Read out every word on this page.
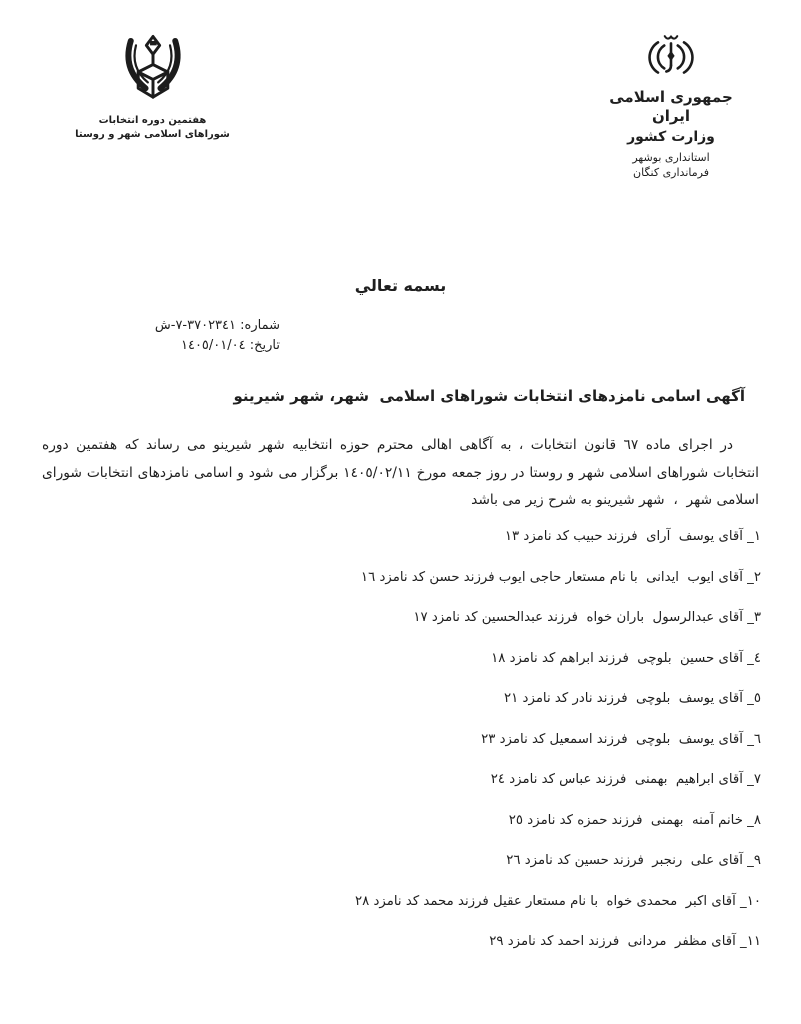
جمهوری اسلامی ایران
وزارت کشور
استانداری بوشهر
فرمانداری کنگان
هفتمین دوره انتخابات
شوراهای اسلامی شهر و روستا
بسمه تعالي
شماره: ٣٧٠٢٣٤١-٧-ش
تاریخ: ١٤٠٥/٠١/٠٤
آگهی اسامی نامزدهای انتخابات شوراهای اسلامی  شهر، شهر شیرینو
در اجرای ماده ٦٧ قانون انتخابات ، به آگاهی اهالی محترم حوزه انتخابیه شهر شیرینو می رساند که هفتمین دوره
انتخابات شوراهای اسلامی شهر و روستا در روز جمعه مورخ ١٤٠٥/٠٢/١١ برگزار می شود و اسامی نامزدهای انتخابات شورای
اسلامی شهر  ،  شهر شیرینو به شرح زیر می باشد
١_ آقای یوسف  آرای  فرزند حبیب کد نامزد ١٣
٢_ آقای ایوب  ایدانی  با نام مستعار حاجی ایوب فرزند حسن کد نامزد ١٦
٣_ آقای عبدالرسول  باران خواه  فرزند عبدالحسین کد نامزد ١٧
٤_ آقای حسین  بلوچی  فرزند ابراهم کد نامزد ١٨
٥_ آقای یوسف  بلوچی  فرزند نادر کد نامزد ٢١
٦_ آقای یوسف  بلوچی  فرزند اسمعیل کد نامزد ٢٣
٧_ آقای ابراهیم  بهمنی  فرزند عباس کد نامزد ٢٤
٨_ خانم آمنه  بهمنی  فرزند حمزه کد نامزد ٢٥
٩_ آقای علی  رنجبر  فرزند حسین کد نامزد ٢٦
١٠_ آقای اکبر  محمدی خواه  با نام مستعار عقیل فرزند محمد کد نامزد ٢٨
١١_ آقای مظفر  مردانی  فرزند احمد کد نامزد ٢٩
